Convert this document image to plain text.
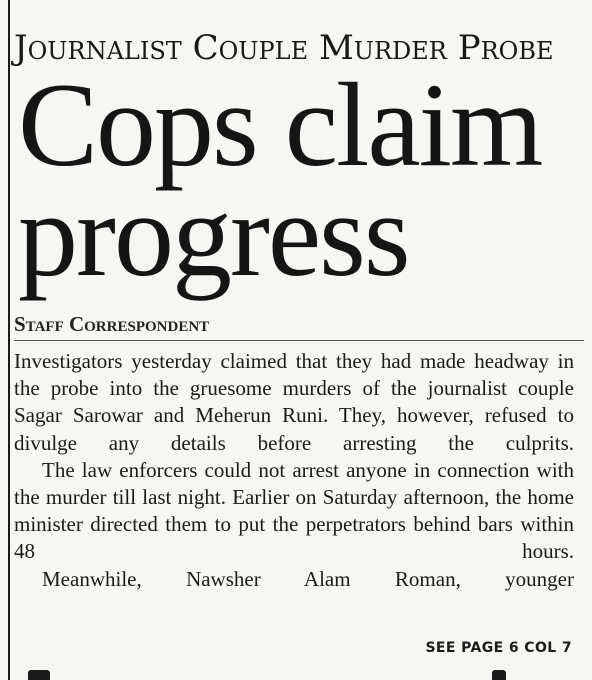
Journalist Couple Murder Probe
Cops claim progress
Staff Correspondent

Investigators yesterday claimed that they had made headway in the probe into the gruesome murders of the journalist couple Sagar Sarowar and Meherun Runi. They, however, refused to divulge any details before arresting the culprits.

The law enforcers could not arrest anyone in connection with the murder till last night. Earlier on Saturday afternoon, the home minister directed them to put the perpetrators behind bars within 48 hours.

Meanwhile, Nawsher Alam Roman, younger

SEE PAGE 6 COL 7
